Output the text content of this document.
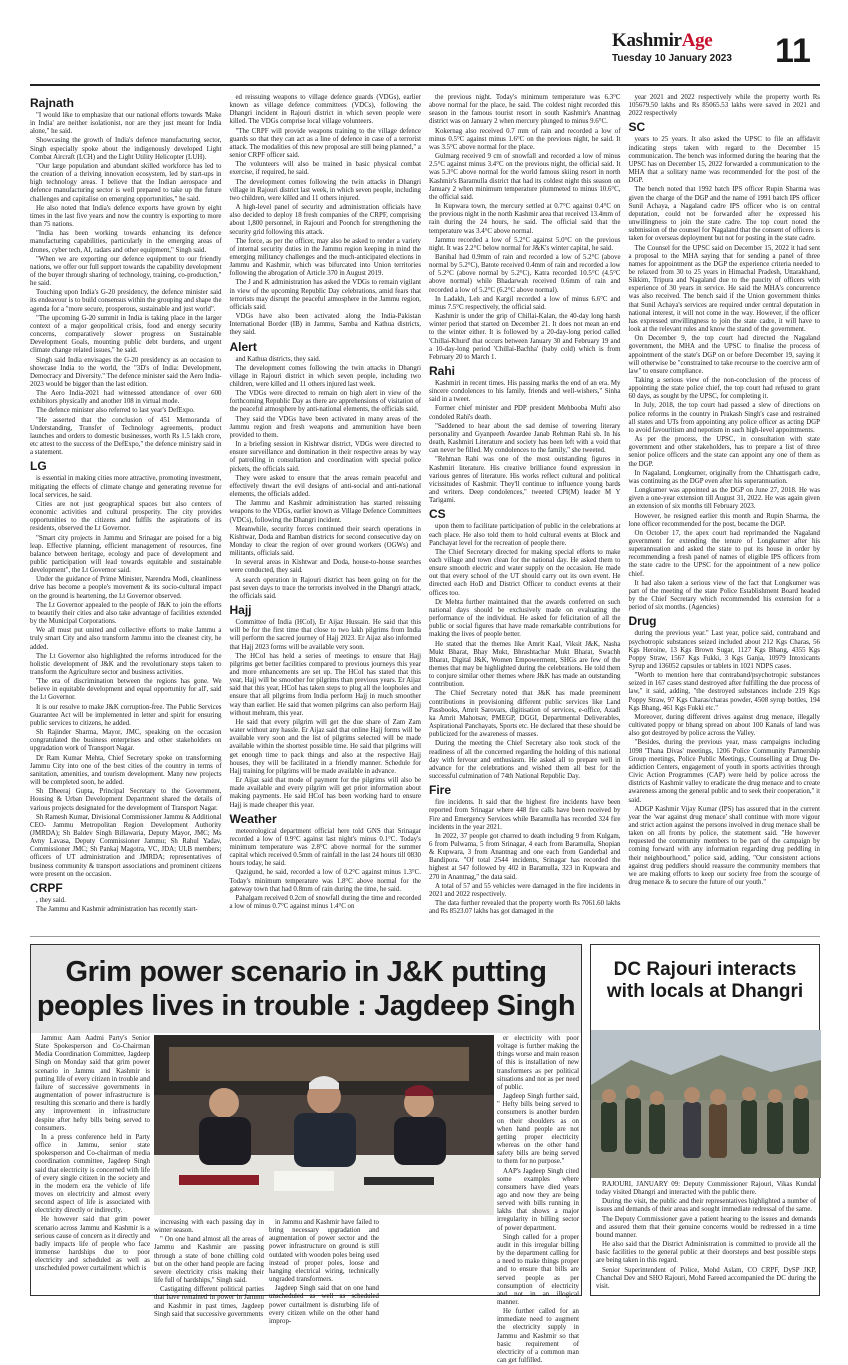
KashmirAge
Tuesday 10 January 2023 11
Rajnath

"I would like to emphasize that our national efforts towards 'Make in India' are neither isolationist, nor are they just meant for India alone," he said.

Showcasing the growth of India's defence manufacturing sector, Singh especially spoke about the indigenously developed Light Combat Aircraft (LCH) and the Light Utility Helicopter (LUH).

"Our large population and abundant skilled workforce has led to the creation of a thriving innovation ecosystem, led by start-ups in high technology areas. I believe that the Indian aerospace and defence manufacturing sector is well prepared to take up the future challenges and capitalise on emerging opportunities," he said.

He also noted that India's defence exports have grown by eight times in the last five years and now the country is exporting to more than 75 nations.

"India has been working towards enhancing its defence manufacturing capabilities, particularly in the emerging areas of drones, cyber tech, AI, radars and other equipment," Singh said.

"When we are exporting our defence equipment to our friendly nations, we offer our full support towards the capability development of the buyer through sharing of technology, training, co-production," he said.

Touching upon India's G-20 presidency, the defence minister said its endeavour is to build consensus within the grouping and shape the agenda for a "more secure, prosperous, sustainable and just world".

"The upcoming G-20 summit in India is taking place in the larger context of a major geopolitical crisis, food and energy security concerns, comparatively slower progress on Sustainable Development Goals, mounting public debt burdens, and urgent climate change related issues," he said.

Singh said India envisages the G-20 presidency as an occasion to showcase India to the world, the "3D's of India: Development, Democracy and Diversity." The defence minister said the Aero India-2023 would be bigger than the last edition.

The Aero India-2021 had witnessed attendance of over 600 exhibitors physically and another 108 in virtual mode.

The defence minister also referred to last year's DefExpo.

"He asserted that the conclusion of 451 Memoranda of Understanding, Transfer of Technology agreements, product launches and orders to domestic businesses, worth Rs 1.5 lakh crore, etc attest to the success of the DefExpo," the defence ministry said in a statement.

LG

is essential in making cities more attractive, promoting investment, mitigating the effects of climate change and generating revenue for local services, he said.

Cities are not just geographical spaces but also centers of economic activities and cultural prosperity. The city provides opportunities to the citizens and fulfils the aspirations of its residents, observed the Lt Governor.

"Smart city projects in Jammu and Srinagar are poised for a big leap. Effective planning, efficient management of resources, fine balance between heritage, ecology and pace of development and public participation will lead towards equitable and sustainable development", the Lt Governor said.

Under the guidance of Prime Minister, Narendra Modi, cleanliness drive has become a people's movement & its socio-cultural impact on the ground is heartening, the Lt Governor observed.

The Lt Governor appealed to the people of J&K to join the efforts to beautify their cities and also take advantage of facilities extended by the Municipal Corporations.

We all must put united and collective efforts to make Jammu a truly smart City and also transform Jammu into the cleanest city, he added.

The Lt Governor also highlighted the reforms introduced for the holistic development of J&K and the revolutionary steps taken to transform the Agriculture sector and business activities.

'The era of discrimination between the regions has gone. We believe in equitable development and equal opportunity for all', said the Lt Governor.

It is our resolve to make J&K corruption-free. The Public Services Guarantee Act will be implemented in letter and spirit for ensuring public services to citizens, he added.

Sh Rajinder Sharma, Mayor, JMC, speaking on the occasion congratulated the business enterprises and other stakeholders on upgradation work of Transport Nagar.

Dr Ram Kumar Mehta, Chief Secretary spoke on transforming Jammu City into one of the best cities of the country in terms of sanitation, amenities, and tourism development. Many new projects will be completed soon, he added.

Sh Dheeraj Gupta, Principal Secretary to the Government, Housing & Urban Development Department shared the details of various projects designated for the development of Transport Nagar.

Sh Ramesh Kumar, Divisional Commissioner Jammu & Additional CEO- Jammu Metropolitan Region Development Authority (JMRDA); Sh Baldev Singh Billawaria, Deputy Mayor, JMC; Ms Avny Lavasa, Deputy Commissioner Jammu; Sh Rahul Yadav, Commissioner JMC; Sh Pankaj Magotra, VC, JDA; ULB members; officers of UT administration and JMRDA; representatives of business community & transport associations and prominent citizens were present on the occasion.

CRPF

, they said.

The Jammu and Kashmir administration has recently start-

ed reissuing weapons to village defence guards (VDGs), earlier known as village defence committees (VDCs), following the Dhangri incident in Rajouri district in which seven people were killed. The VDGs comprise local village volunteers.

"The CRPF will provide weapons training to the village defence guards so that they can act as a line of defence in case of a terrorist attack. The modalities of this new proposal are still being planned," a senior CRPF officer said.

The volunteers will also be trained in basic physical combat exercise, if required, he said.

The development comes following the twin attacks in Dhangri village in Rajouri district last week, in which seven people, including two children, were killed and 11 others injured.

A high-level panel of security and administration officials have also decided to deploy 18 fresh companies of the CRPF, comprising about 1,800 personnel, in Rajouri and Poonch for strengthening the security grid following this attack.

The force, as per the officer, may also be asked to render a variety of internal security duties in the Jammu region keeping in mind the emerging militancy challenges and the much-anticipated elections in Jammu and Kashmir, which was bifurcated into Union territories following the abrogation of Article 370 in August 2019.

The J and K administration has asked the VDGs to remain vigilant in view of the upcoming Republic Day celebrations, amid fears that terrorists may disrupt the peaceful atmosphere in the Jammu region, officials said.

VDGs have also been activated along the India-Pakistan International Border (IB) in Jammu, Samba and Kathua districts, they said.

Alert

and Kathua districts, they said.

The development comes following the twin attacks in Dhangri village in Rajouri district in which seven people, including two children, were killed and 11 others injured last week.

The VDGs were directed to remain on high alert in view of the forthcoming Republic Day as there are apprehensions of visitation of the peaceful atmosphere by anti-national elements, the officials said.

They said the VDGs have been activated in many areas of the Jammu region and fresh weapons and ammunition have been provided to them.

In a briefing session in Kishtwar district, VDGs were directed to ensure surveillance and domination in their respective areas by way of patrolling in consultation and coordination with special police pickets, the officials said.

They were asked to ensure that the areas remain peaceful and effectively thwart the evil designs of anti-social and anti-national elements, the officials added.

The Jammu and Kashmir administration has started reissuing weapons to the VDGs, earlier known as Village Defence Committees (VDCs), following the Dhangri incident.

Meanwhile, security forces continued their search operations in Kishtwar, Doda and Ramban districts for second consecutive day on Monday to clear the region of over ground workers (OGWs) and militants, officials said.

In several areas in Kishtwar and Doda, house-to-house searches were conducted, they said.

A search operation in Rajouri district has been going on for the past seven days to trace the terrorists involved in the Dhangri attack, the officials said.

Hajj

Committee of India (HCoI), Er Aijaz Hussain. He said that this will be for the first time that close to two lakh pilgrims from India will perform the sacred journey of Hajj 2023. Er Aijaz also informed that Hajj 2023 forms will be available very soon.

The HCoI has held a series of meetings to ensure that Hajj pilgrims get better facilities compared to previous journeys this year and more enhancements are set up. The HCoI has stated that this year, Hajj will be smoother for pilgrims than previous years. Er Aijaz said that this year, HCoI has taken steps to plug all the loopholes and ensure that all pilgrims from India perform Hajj in much smoother way than earlier. He said that women pilgrims can also perform Hajj without mehram, this year.

He said that every pilgrim will get the due share of Zam Zam water without any hassle. Er Aijaz said that online Hajj forms will be available very soon and the list of pilgrims selected will be made available within the shortest possible time. He said that pilgrims will get enough time to pack things and also at the respective Hajj houses, they will be facilitated in a friendly manner. Schedule for Hajj training for pilgrims will be made available in advance.

Er Aijaz said that mode of payment for the pilgrims will also be made available and every pilgrim will get prior information about making payments. He said HCoI has been working hard to ensure Hajj is made cheaper this year.

Weather

meteorological department official here told GNS that Srinagar recorded a low of 0.9°C against last night's minus 0.1°C. Today's minimum temperature was 2.8°C above normal for the summer capital which received 0.5mm of rainfall in the last 24 hours till 0830 hours today, he said.

Qazigund, he said, recorded a low of 0.2°C against minus 1.3°C. Today's minimum temperature was 1.8°C above normal for the gateway town that had 0.8mm of rain during the time, he said.

Pahalgam received 0.2cm of snowfall during the time and recorded a low of minus 0.7°C against minus 1.4°C on

the previous night. Today's minimum temperature was 6.3°C above normal for the place, he said. The coldest night recorded this season in the famous tourist resort in south Kashmir's Anantnag district was on January 2 when mercury plunged to minus 9.6°C.

Kokernag also received 0.7 mm of rain and recorded a low of minus 0.5°C against minus 1.6°C on the previous night, he said. It was 3.5°C above normal for the place.

Gulmarg received 9 cm of snowfall and recorded a low of minus 2.5°C against minus 3.4°C on the previous night, the official said. It was 5.3°C above normal for the world famous skiing resort in north Kashmir's Baramulla district that had its coldest night this season on January 2 when minimum temperature plummeted to minus 10.6°C, the official said.

In Kupwara town, the mercury settled at 0.7°C against 0.4°C on the previous night in the north Kashmir area that received 13.4mm of rain during the 24 hours, he said. The official said that the temperature was 3.4°C above normal.

Jammu recorded a low of 5.2°C against 5.0°C on the previous night. It was 2.2°C below normal for J&K's winter capital, he said.

Banihal had 0.9mm of rain and recorded a low of 5.2°C (above normal by 5.2°C), Batote received 0.4mm of rain and recorded a low of 5.2°C (above normal by 5.2°C), Katra recorded 10.5°C (4.5°C above normal) while Bhadarwah received 0.6mm of rain and recorded a low of 5.2°C (6.2°C above normal).

In Ladakh, Leh and Kargil recorded a low of minus 6.6°C and minus 7.5°C respectively, the official said.

Kashmir is under the grip of Chillai-Kalan, the 40-day long harsh winter period that started on December 21. It does not mean an end to the winter either. It is followed by a 20-day-long period called 'Chillai-Khurd' that occurs between January 30 and February 19 and a 10-day-long period 'Chillai-Bachha' (baby cold) which is from February 20 to March 1.

Rahi

Kashmiri in recent times. His passing marks the end of an era. My sincere condolences to his family, friends and well-wishers," Sinha said in a tweet.

Former chief minister and PDP president Mehbooba Mufti also condoled Rahi's death.

"Saddened to hear about the sad demise of towering literary personality and Gyanpeeth Awardee Janab Rehman Rahi sb. In his death, Kashmiri Literature and society has been left with a void that can never be filled. My condolences to the family," she tweeted.

"Rehman Rahi was one of the most outstanding figures in Kashmiri literature. His creative brilliance found expression in various genres of literature. His works reflect cultural and political vicissitudes of Kashmir. They'll continue to influence young bards and writers. Deep condolences," tweeted CPI(M) leader M Y Tarigami.

CS

upon them to facilitate participation of public in the celebrations at each place. He also told them to hold cultural events at Block and Panchayat level for the recreation of people there.

The Chief Secretary directed for making special efforts to make each village and town clean for the national day. He asked them to ensure smooth electric and water supply on the occasion. He made out that every school of the UT should carry out its own event. He directed each HoD and District Officer to conduct events at their offices too.

Dr Mehta further maintained that the awards conferred on such national days should be exclusively made on evaluating the performance of the individual. He asked for felicitation of all the public or social figures that have made remarkable contributions for making the lives of people better.

He stated that the themes like Amrit Kaal, Viksit J&K, Nasha Mukt Bharat, Bhay Mukt, Bhrashtachar Mukt Bharat, Swachh Bharat, Digital J&K, Women Empowerment, SHGs are few of the themes that may be highlighted during the celebrations. He told them to conjure similar other themes where J&K has made an outstanding contribution.

The Chief Secretary noted that J&K has made preeminent contributions in provisioning different public services like Land Passbooks, Amrit Sarovars, digitisation of services, e-office, Azadi ka Amrit Mahotsav, PMEGP, DGGI, Departmental Deliverables, Aspirational Panchayats, Sports etc. He declared that these should be publicized for the awareness of masses.

During the meeting the Chief Secretary also took stock of the readiness of all the concerned regarding the holding of this national day with fervour and enthusiasm. He asked all to prepare well in advance for the celebrations and wished them all best for the successful culmination of 74th National Republic Day.

Fire

fire incidents. It said that the highest fire incidents have been reported from Srinagar where 448 fire calls have been received by Fire and Emergency Services while Baramulla has recorded 324 fire incidents in the year 2021.

In 2022, 37 people got charred to death including 9 from Kulgam, 6 from Pulwama, 5 from Srinagar, 4 each from Baramulla, Shopian & Kupwara, 3 from Anantnag and one each from Ganderbal and Bandipora. "Of total 2544 incidents, Srinagar has recorded the highest at 547 followed by 402 in Baramulla, 323 in Kupwara and 270 in Anantnag," the data said.

A total of 57 and 55 vehicles were damaged in the fire incidents in 2021 and 2022 respectively.

The data further revealed that the property worth Rs 7061.60 lakhs and Rs 8523.07 lakhs has got damaged in the

year 2021 and 2022 respectively while the property worth Rs 105679.50 lakhs and Rs 85065.53 lakhs were saved in 2021 and 2022 respectively

SC

years to 25 years. It also asked the UPSC to file an affidavit indicating steps taken with regard to the December 15 communication. The bench was informed during the hearing that the UPSC has on December 15, 2022 forwarded a communication to the MHA that a solitary name was recommended for the post of the DGP.

The bench noted that 1992 batch IPS officer Rupin Sharma was given the charge of the DGP and the name of 1991 batch IPS officer Sunil Achaya, a Nagaland cadre IPS officer who is on central deputation, could not be forwarded after he expressed his unwillingness to join the state cadre. The top court noted the submission of the counsel for Nagaland that the consent of officers is taken for overseas deployment but not for posting in the state cadre.

The Counsel for the UPSC said on December 15, 2022 it had sent a proposal to the MHA saying that for sending a panel of three names for appointment as the DGP the experience criteria needed to be relaxed from 30 to 25 years in Himachal Pradesh, Uttarakhand, Sikkim, Tripura and Nagaland due to the paucity of officers with experience of 30 years in service. He said the MHA's concurrence was also received. The bench said if the Union government thinks that Sunil Achaya's services are required under central deputation in national interest, it will not come in the way. However, if the officer has expressed unwillingness to join the state cadre, it will have to look at the relevant rules and know the stand of the government.

On December 9, the top court had directed the Nagaland government, the MHA and the UPSC to finalise the process of appointment of the state's DGP on or before December 19, saying it will otherwise be "constrained to take recourse to the coercive arm of law" to ensure compliance.

Taking a serious view of the non-conclusion of the process of appointing the state police chief, the top court had refused to grant 60 days, as sought by the UPSC, for completing it.

In July, 2018, the top court had passed a slew of directions on police reforms in the country in Prakash Singh's case and restrained all states and UTs from appointing any police officer as acting DGP to avoid favouritism and nepotism in such high-level appointments.

As per the process, the UPSC, in consultation with state government and other stakeholders, has to prepare a list of three senior police officers and the state can appoint any one of them as the DGP.

In Nagaland, Longkumer, originally from the Chhattisgarh cadre, was continuing as the DGP even after his superannuation.

Longkumer was appointed as the DGP on June 27, 2018. He was given a one-year extension till August 31, 2022. He was again given an extension of six months till February 2023.

However, he resigned earlier this month and Rupin Sharma, the lone officer recommended for the post, became the DGP.

On October 17, the apex court had reprimanded the Nagaland government for extending the tenure of Longkumer after his superannuation and asked the state to put its house in order by recommending a fresh panel of names of eligible IPS officers from the state cadre to the UPSC for the appointment of a new police chief.

It had also taken a serious view of the fact that Longkumer was part of the meeting of the state Police Establishment Board headed by the Chief Secretary which recommended his extension for a period of six months. (Agencies)

Drug

during the previous year." Last year, police said, contraband and psychotropic substances seized included about 212 Kgs Charas, 56 Kgs Heroine, 13 Kgs Brown Sugar, 1127 Kgs Bhang, 4355 Kgs Poppy Straw, 1567 Kgs Fukki, 3 Kgs Ganja, 10979 Intoxicants Syrup and 136052 capsules or tablets in 1021 NDPS cases.

"Worth to mention here that contraband/psychotropic substances seized in 167 cases stand destroyed after fulfilling the due process of law," it said, adding, "the destroyed substances include 219 Kgs Poppy Straw, 97 Kgs Charas/charas powder, 4508 syrup bottles, 194 Kgs Bhang, 461 Kgs Fukki etc."

Moreover, during different drives against drug menace, illegally cultivated poppy or bhang spread on about 100 Kanals of land was also got destroyed by police across the Valley.

"Besides, during the previous year, mass campaigns including 1098 'Thana Divas' meetings, 1206 Police Community Partnership Group meetings, Police Public Meetings, Counselling at Drug De-addiction Centers, engagement of youth in sports activities through Civic Action Programmes (CAP) were held by police across the districts of Kashmir valley to eradicate the drug menace and to create awareness among the general public and to seek their cooperation," it said.

ADGP Kashmir Vijay Kumar (IPS) has assured that in the current year the 'war against drug menace' shall continue with more vigour and strict action against the persons involved in drug menace shall be taken on all fronts by police, the statement said. "He however requested the community members to be part of the campaign by coming forward with any information regarding drug peddling in their neighbourhood," police said, adding, "Our consistent actions against drug peddlers should reassure the community members that we are making efforts to keep our society free from the scourge of drug menace & to secure the future of our youth."

Grim power scenario in J&K putting peoples lives in trouble : Jagdeep Singh

Jammu: Aam Aadmi Party's Senior State Spokesperson and Co-Chairman Media Coordination Committee, Jagdeep Singh on Monday said that grim power scenario in Jammu and Kashmir is putting life of every citizen in trouble and failure of successive governments in augmentation of power infrastructure is resulting this scenario and there is hardly any improvement in infrastructure despite after hefty bills being served to consumers.

In a press conference held in Party office in Jammu, senior state spokesperson and Co-chairman of media coordination committee, Jagdeep Singh said that electricity is concerned with life of every single citizen in the society and in the modern era the vehicle of life moves on electricity and almost every second aspect of life is associated with electricity directly or indirectly.

He however said that grim power scenario across Jammu and Kashmir is a serious cause of concern as it directly and badly impacts life of people who face immense hardships due to poor electricity and scheduled as well as unscheduled power curtailment which is

increasing with each passing day in winter season.

" On one hand almost all the areas of Jammu and Kashmir are passing through a state of bone chilling cold but on the other hand people are facing severe electricity crisis making their life full of hardships," Singh said.

Castigating different political parties that have remained in power in Jammu and Kashmir in past times, Jagdeep Singh said that successive governments

in Jammu and Kashmir have failed to bring necessary upgradation and augmentation of power sector and the power infrastructure on ground is still outdated with wooden poles being used instead of proper poles, loose and hanging electrical wiring, technically ungraded transformers.

Jagdeep Singh said that on one hand unscheduled as well as scheduled power curtailment is disturbing life of every citizen while on the other hand improp-

er electricity with poor voltage is further making the things worse and main reason of this is installation of new transformers as per political situations and not as per need of public.

Jagdeep Singh further said, " Hefty bills being served to consumers is another burden on their shoulders as on when hand people are not getting proper electricity whereas on the other hand safety bills are being served to them for no purpose."

AAP's Jagdeep Singh cited some examples where consumers have died years ago and now they are being served with bills running in lakhs that shows a major irregularity in billing sector of power department.

Singh called for a proper audit in this irregular billing by the department calling for a need to make things proper and to ensure that bills are served people as per consumption of electricity and not in an illogical manner.

He further called for an immediate need to augment the electricity supply in Jammu and Kashmir so that basic requirement of electricity of a common man can get fulfilled.

DC Rajouri interacts with locals at Dhangri

RAJOURI, JANUARY 09: Deputy Commissioner Rajouri, Vikas Kundal today visited Dhangri and interacted with the public there.

During the visit, the public and their representatives highlighted a number of issues and demands of their areas and sought immediate redressal of the same.

The Deputy Commissioner gave a patient hearing to the issues and demands and assured them that their genuine concerns would be redressed in a time bound manner.

He also said that the District Administration is committed to provide all the basic facilities to the general public at their doorsteps and best possible steps are being taken in this regard.

Senior Superintendent of Police, Mohd Aslam, CO CRPF, DySP JKP, Chanchal Dev and SHO Rajouri, Mohd Fareed accompanied the DC during the visit.
